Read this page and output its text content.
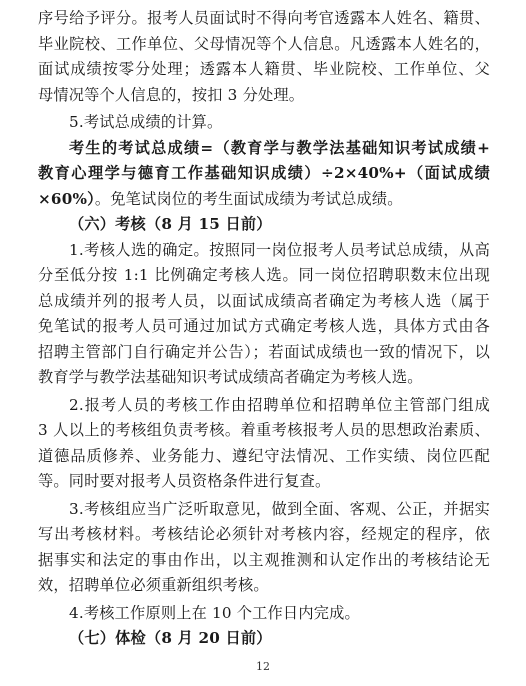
序号给予评分。报考人员面试时不得向考官透露本人姓名、籍贯、
毕业院校、工作单位、父母情况等个人信息。凡透露本人姓名的，
面试成绩按零分处理；透露本人籍贯、毕业院校、工作单位、父
母情况等个人信息的，按扣 3 分处理。
5.考试总成绩的计算。
考生的考试总成绩=（教育学与教学法基础知识考试成绩+
教育心理学与德育工作基础知识成绩）÷2×40%+（面试成绩
×60%）。免笔试岗位的考生面试成绩为考试总成绩。
（六）考核（8 月 15 日前）
1.考核人选的确定。按照同一岗位报考人员考试总成绩，从高
分至低分按 1:1 比例确定考核人选。同一岗位招聘职数末位出现
总成绩并列的报考人员，以面试成绩高者确定为考核人选（属于
免笔试的报考人员可通过加试方式确定考核人选，具体方式由各
招聘主管部门自行确定并公告）；若面试成绩也一致的情况下，以
教育学与教学法基础知识考试成绩高者确定为考核人选。
2.报考人员的考核工作由招聘单位和招聘单位主管部门组成
3 人以上的考核组负责考核。着重考核报考人员的思想政治素质、
道德品质修养、业务能力、遵纪守法情况、工作实绩、岗位匹配
等。同时要对报考人员资格条件进行复查。
3.考核组应当广泛听取意见，做到全面、客观、公正，并据实
写出考核材料。考核结论必须针对考核内容，经规定的程序，依
据事实和法定的事由作出，以主观推测和认定作出的考核结论无
效，招聘单位必须重新组织考核。
4.考核工作原则上在 10 个工作日内完成。
（七）体检（8 月 20 日前）
12
